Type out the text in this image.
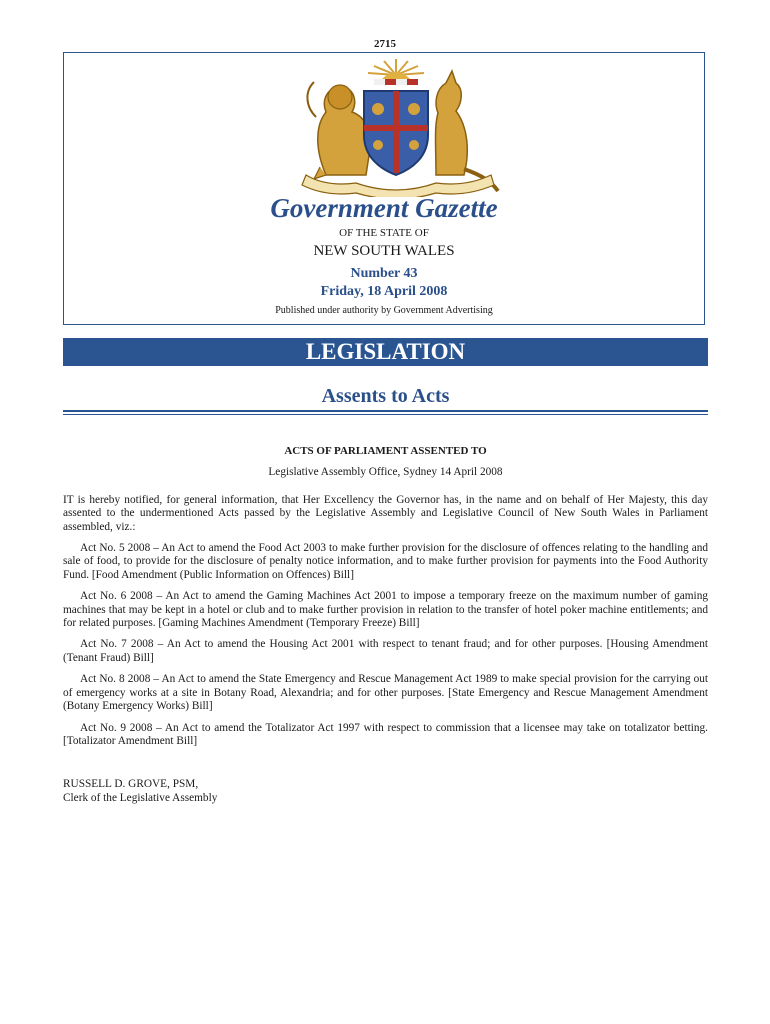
2715
Government Gazette
OF THE STATE OF
NEW SOUTH WALES
Number 43
Friday, 18 April 2008
Published under authority by Government Advertising
LEGISLATION
Assents to Acts

ACTS OF PARLIAMENT ASSENTED TO

Legislative Assembly Office, Sydney 14 April 2008

IT is hereby notified, for general information, that Her Excellency the Governor has, in the name and on behalf of Her Majesty, this day assented to the undermentioned Acts passed by the Legislative Assembly and Legislative Council of New South Wales in Parliament assembled, viz.:

Act No. 5 2008 – An Act to amend the Food Act 2003 to make further provision for the disclosure of offences relating to the handling and sale of food, to provide for the disclosure of penalty notice information, and to make further provision for payments into the Food Authority Fund. [Food Amendment (Public Information on Offences) Bill]

Act No. 6 2008 – An Act to amend the Gaming Machines Act 2001 to impose a temporary freeze on the maximum number of gaming machines that may be kept in a hotel or club and to make further provision in relation to the transfer of hotel poker machine entitlements; and for related purposes. [Gaming Machines Amendment (Temporary Freeze) Bill]

Act No. 7 2008 – An Act to amend the Housing Act 2001 with respect to tenant fraud; and for other purposes. [Housing Amendment (Tenant Fraud) Bill]

Act No. 8 2008 – An Act to amend the State Emergency and Rescue Management Act 1989 to make special provision for the carrying out of emergency works at a site in Botany Road, Alexandria; and for other purposes. [State Emergency and Rescue Management Amendment (Botany Emergency Works) Bill]

Act No. 9 2008 – An Act to amend the Totalizator Act 1997 with respect to commission that a licensee may take on totalizator betting. [Totalizator Amendment Bill]

RUSSELL D. GROVE, PSM,

Clerk of the Legislative Assembly
